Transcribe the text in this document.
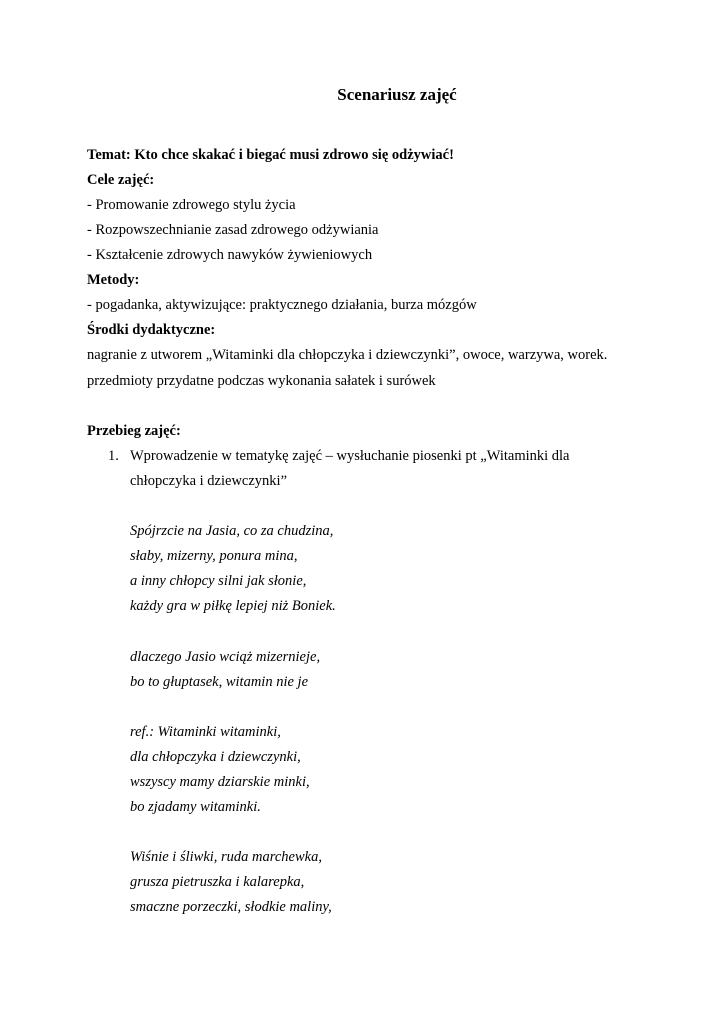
Scenariusz zajęć

Temat: Kto chce skakać i biegać musi zdrowo się odżywiać!

Cele zajęć:

- Promowanie zdrowego stylu życia

- Rozpowszechnianie zasad zdrowego odżywiania

- Kształcenie zdrowych nawyków żywieniowych

Metody:

- pogadanka, aktywizujące: praktycznego działania, burza mózgów

Środki dydaktyczne:

nagranie z utworem „Witaminki dla chłopczyka i dziewczynki”, owoce, warzywa, worek.

przedmioty przydatne podczas wykonania sałatek i surówek

Przebieg zajęć:

1. Wprowadzenie w tematykę zajęć – wysłuchanie piosenki pt „Witaminki dla

chłopczyka i dziewczynki”

Spójrzcie na Jasia, co za chudzina,

słaby, mizerny, ponura mina,

a inny chłopcy silni jak słonie,

każdy gra w piłkę lepiej niż Boniek.

dlaczego Jasio wciąż mizernieje,

bo to głuptasek, witamin nie je

ref.: Witaminki witaminki,

dla chłopczyka i dziewczynki,

wszyscy mamy dziarskie minki,

bo zjadamy witaminki.

Wiśnie i śliwki, ruda marchewka,

grusza pietruszka i kalarepka,

smaczne porzeczki, słodkie maliny,
